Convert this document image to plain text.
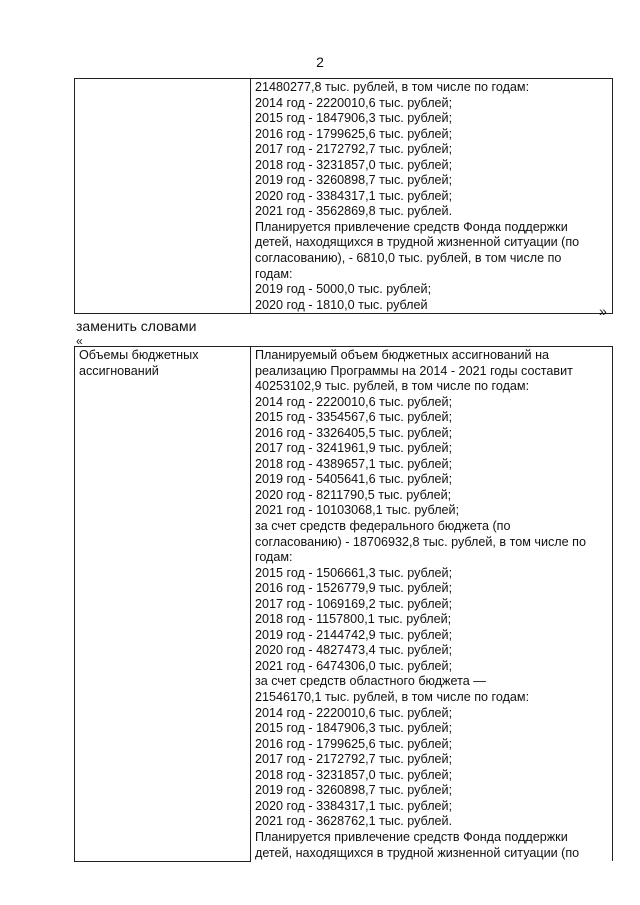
2

21480277,8 тыс. рублей, в том числе по годам:
2014 год - 2220010,6 тыс. рублей;
2015 год - 1847906,3 тыс. рублей;
2016 год - 1799625,6 тыс. рублей;
2017 год - 2172792,7 тыс. рублей;
2018 год - 3231857,0 тыс. рублей;
2019 год - 3260898,7 тыс. рублей;
2020 год - 3384317,1 тыс. рублей;
2021 год - 3562869,8 тыс. рублей.
Планируется привлечение средств Фонда поддержки
детей, находящихся в трудной жизненной ситуации (по
согласованию), - 6810,0 тыс. рублей, в том числе по
годам:
2019 год - 5000,0 тыс. рублей;
2020 год - 1810,0 тыс. рублей	»
заменить словами
«
Объемы бюджетных ассигнований

Планируемый объем бюджетных ассигнований на
реализацию Программы на 2014 - 2021 годы составит
40253102,9 тыс. рублей, в том числе по годам:
2014 год - 2220010,6 тыс. рублей;
2015 год - 3354567,6 тыс. рублей;
2016 год - 3326405,5 тыс. рублей;
2017 год - 3241961,9 тыс. рублей;
2018 год - 4389657,1 тыс. рублей;
2019 год - 5405641,6 тыс. рублей;
2020 год - 8211790,5 тыс. рублей;
2021 год - 10103068,1 тыс. рублей;
за счет средств федерального бюджета (по
согласованию) - 18706932,8 тыс. рублей, в том числе по
годам:
2015 год - 1506661,3 тыс. рублей;
2016 год - 1526779,9 тыс. рублей;
2017 год - 1069169,2 тыс. рублей;
2018 год - 1157800,1 тыс. рублей;
2019 год - 2144742,9 тыс. рублей;
2020 год - 4827473,4 тыс. рублей;
2021 год - 6474306,0 тыс. рублей;
за счет средств областного бюджета —
21546170,1 тыс. рублей, в том числе по годам:
2014 год - 2220010,6 тыс. рублей;
2015 год - 1847906,3 тыс. рублей;
2016 год - 1799625,6 тыс. рублей;
2017 год - 2172792,7 тыс. рублей;
2018 год - 3231857,0 тыс. рублей;
2019 год - 3260898,7 тыс. рублей;
2020 год - 3384317,1 тыс. рублей;
2021 год - 3628762,1 тыс. рублей.
Планируется привлечение средств Фонда поддержки
детей, находящихся в трудной жизненной ситуации (по
